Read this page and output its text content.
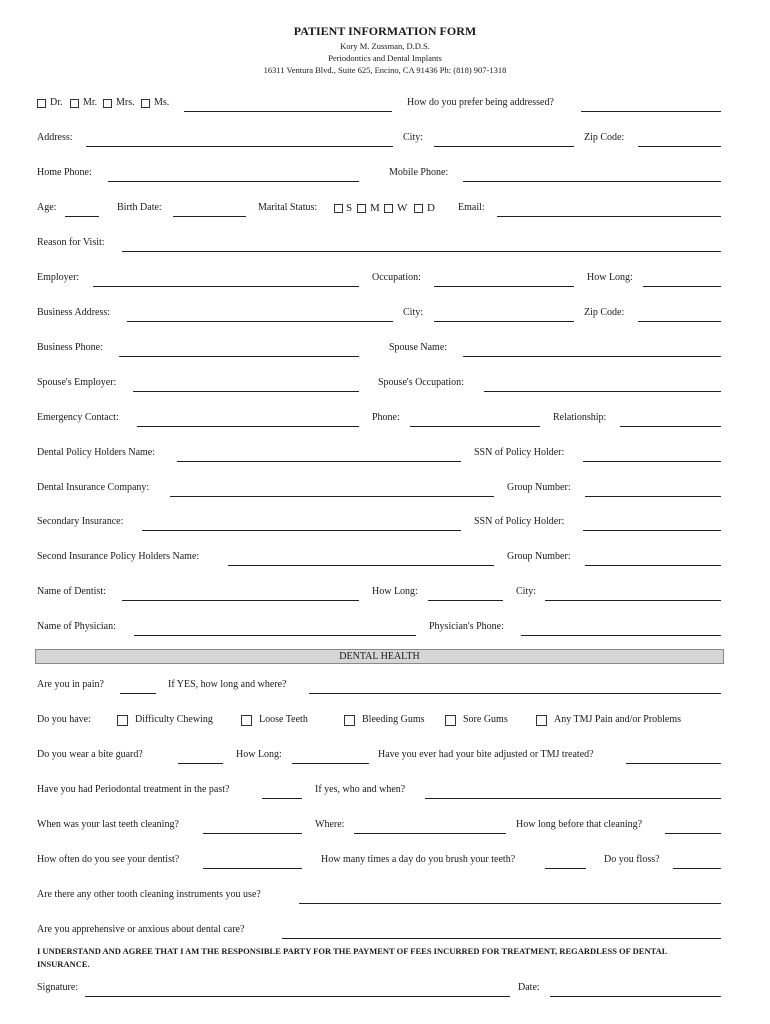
PATIENT INFORMATION FORM
Kory M. Zussman, D.D.S.
Periodontics and Dental Implants
16311 Ventura Blvd., Suite 625, Encino, CA 91436 Ph: (818) 907-1318
Dr. Mr. Mrs. Ms.	How do you prefer being addressed?
Address:	City:	Zip Code:
Home Phone:	Mobile Phone:
Age:	Birth Date:	Marital Status:	S M W D Email:
Reason for Visit:
Employer:	Occupation:	How Long:
Business Address:	City:	Zip Code:
Business Phone:	Spouse Name:
Spouse's Employer:	Spouse's Occupation:
Emergency Contact:	Phone:	Relationship:
Dental Policy Holders Name:	SSN of Policy Holder:
Dental Insurance Company:	Group Number:
Secondary Insurance:	SSN of Policy Holder:
Second Insurance Policy Holders Name:	Group Number:
Name of Dentist:	How Long:	City:
Name of Physician:	Physician's Phone:
DENTAL HEALTH
Are you in pain?	If YES, how long and where?
Do you have:	Difficulty Chewing	Loose Teeth	Bleeding Gums	Sore Gums	Any TMJ Pain and/or Problems
Do you wear a bite guard?	How Long:	Have you ever had your bite adjusted or TMJ treated?
Have you had Periodontal treatment in the past?	If yes, who and when?
When was your last teeth cleaning?	Where:	How long before that cleaning?
How often do you see your dentist?	How many times a day do you brush your teeth?	Do you floss?
Are there any other tooth cleaning instruments you use?
Are you apprehensive or anxious about dental care?
I UNDERSTAND AND AGREE THAT I AM THE RESPONSIBLE PARTY FOR THE PAYMENT OF FEES INCURRED FOR TREATMENT, REGARDLESS OF DENTAL INSURANCE.
Signature:	Date:
